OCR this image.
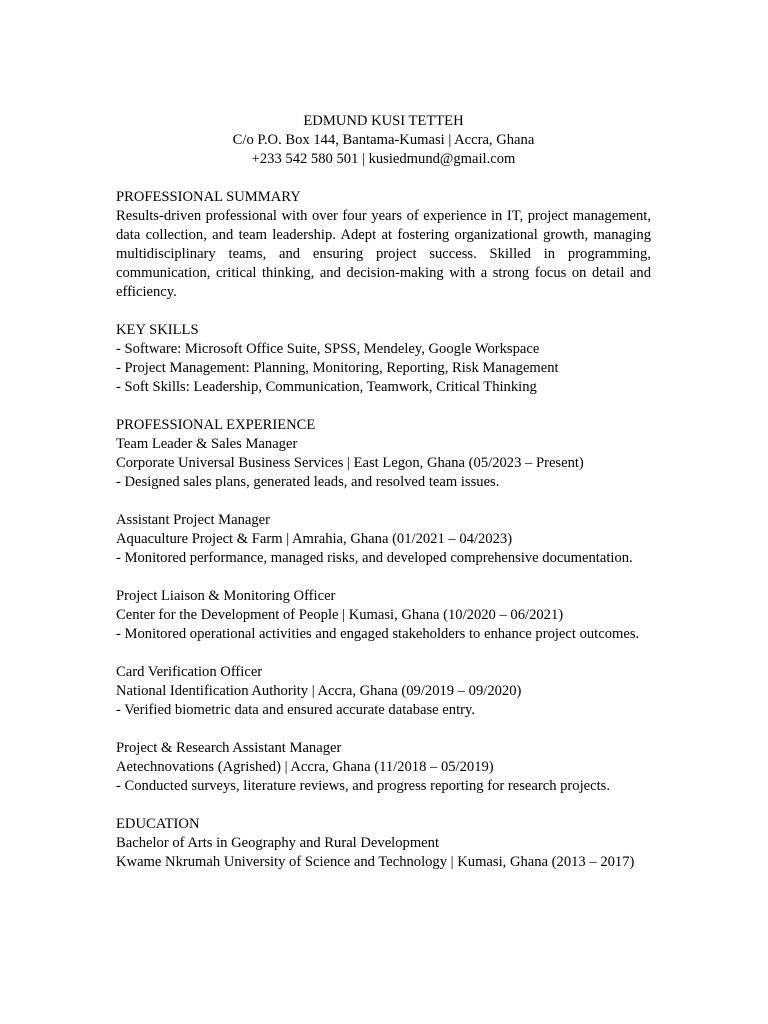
EDMUND KUSI TETTEH
C/o P.O. Box 144, Bantama-Kumasi | Accra, Ghana
+233 542 580 501 | kusiedmund@gmail.com
PROFESSIONAL SUMMARY
Results-driven professional with over four years of experience in IT, project management, data collection, and team leadership. Adept at fostering organizational growth, managing multidisciplinary teams, and ensuring project success. Skilled in programming, communication, critical thinking, and decision-making with a strong focus on detail and efficiency.
KEY SKILLS
- Software: Microsoft Office Suite, SPSS, Mendeley, Google Workspace
- Project Management: Planning, Monitoring, Reporting, Risk Management
- Soft Skills: Leadership, Communication, Teamwork, Critical Thinking
PROFESSIONAL EXPERIENCE
Team Leader & Sales Manager
Corporate Universal Business Services | East Legon, Ghana (05/2023 – Present)
- Designed sales plans, generated leads, and resolved team issues.
Assistant Project Manager
Aquaculture Project & Farm | Amrahia, Ghana (01/2021 – 04/2023)
- Monitored performance, managed risks, and developed comprehensive documentation.
Project Liaison & Monitoring Officer
Center for the Development of People | Kumasi, Ghana (10/2020 – 06/2021)
- Monitored operational activities and engaged stakeholders to enhance project outcomes.
Card Verification Officer
National Identification Authority | Accra, Ghana (09/2019 – 09/2020)
- Verified biometric data and ensured accurate database entry.
Project & Research Assistant Manager
Aetechnovations (Agrished) | Accra, Ghana (11/2018 – 05/2019)
- Conducted surveys, literature reviews, and progress reporting for research projects.
EDUCATION
Bachelor of Arts in Geography and Rural Development
Kwame Nkrumah University of Science and Technology | Kumasi, Ghana (2013 – 2017)
